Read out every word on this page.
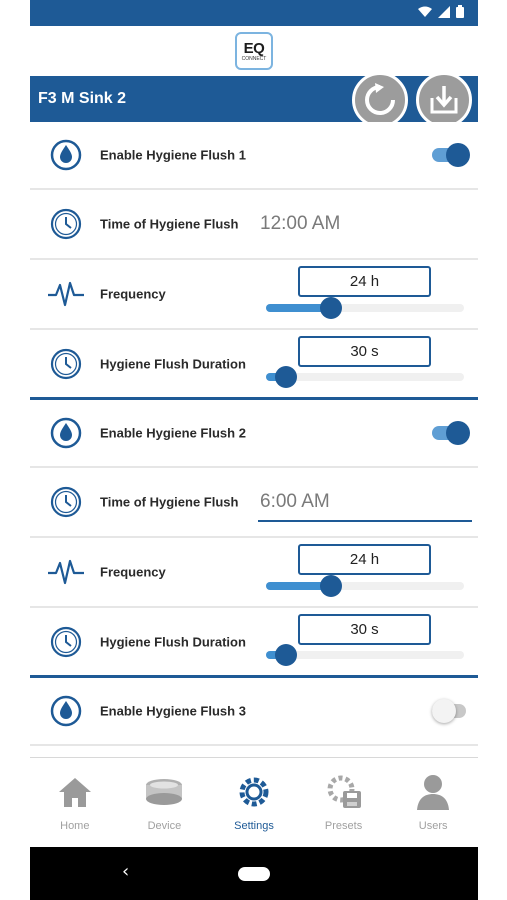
EQ
CONNECT
F3 M Sink 2
Enable Hygiene Flush 1
Time of Hygiene Flush 12:00 AM
Frequency
24 h
Hygiene Flush Duration
30 s
Enable Hygiene Flush 2
Time of Hygiene Flush 6:00 AM
Frequency
24 h
Hygiene Flush Duration
30 s
Enable Hygiene Flush 3
Home	Device	Settings	Presets	Users
‹
